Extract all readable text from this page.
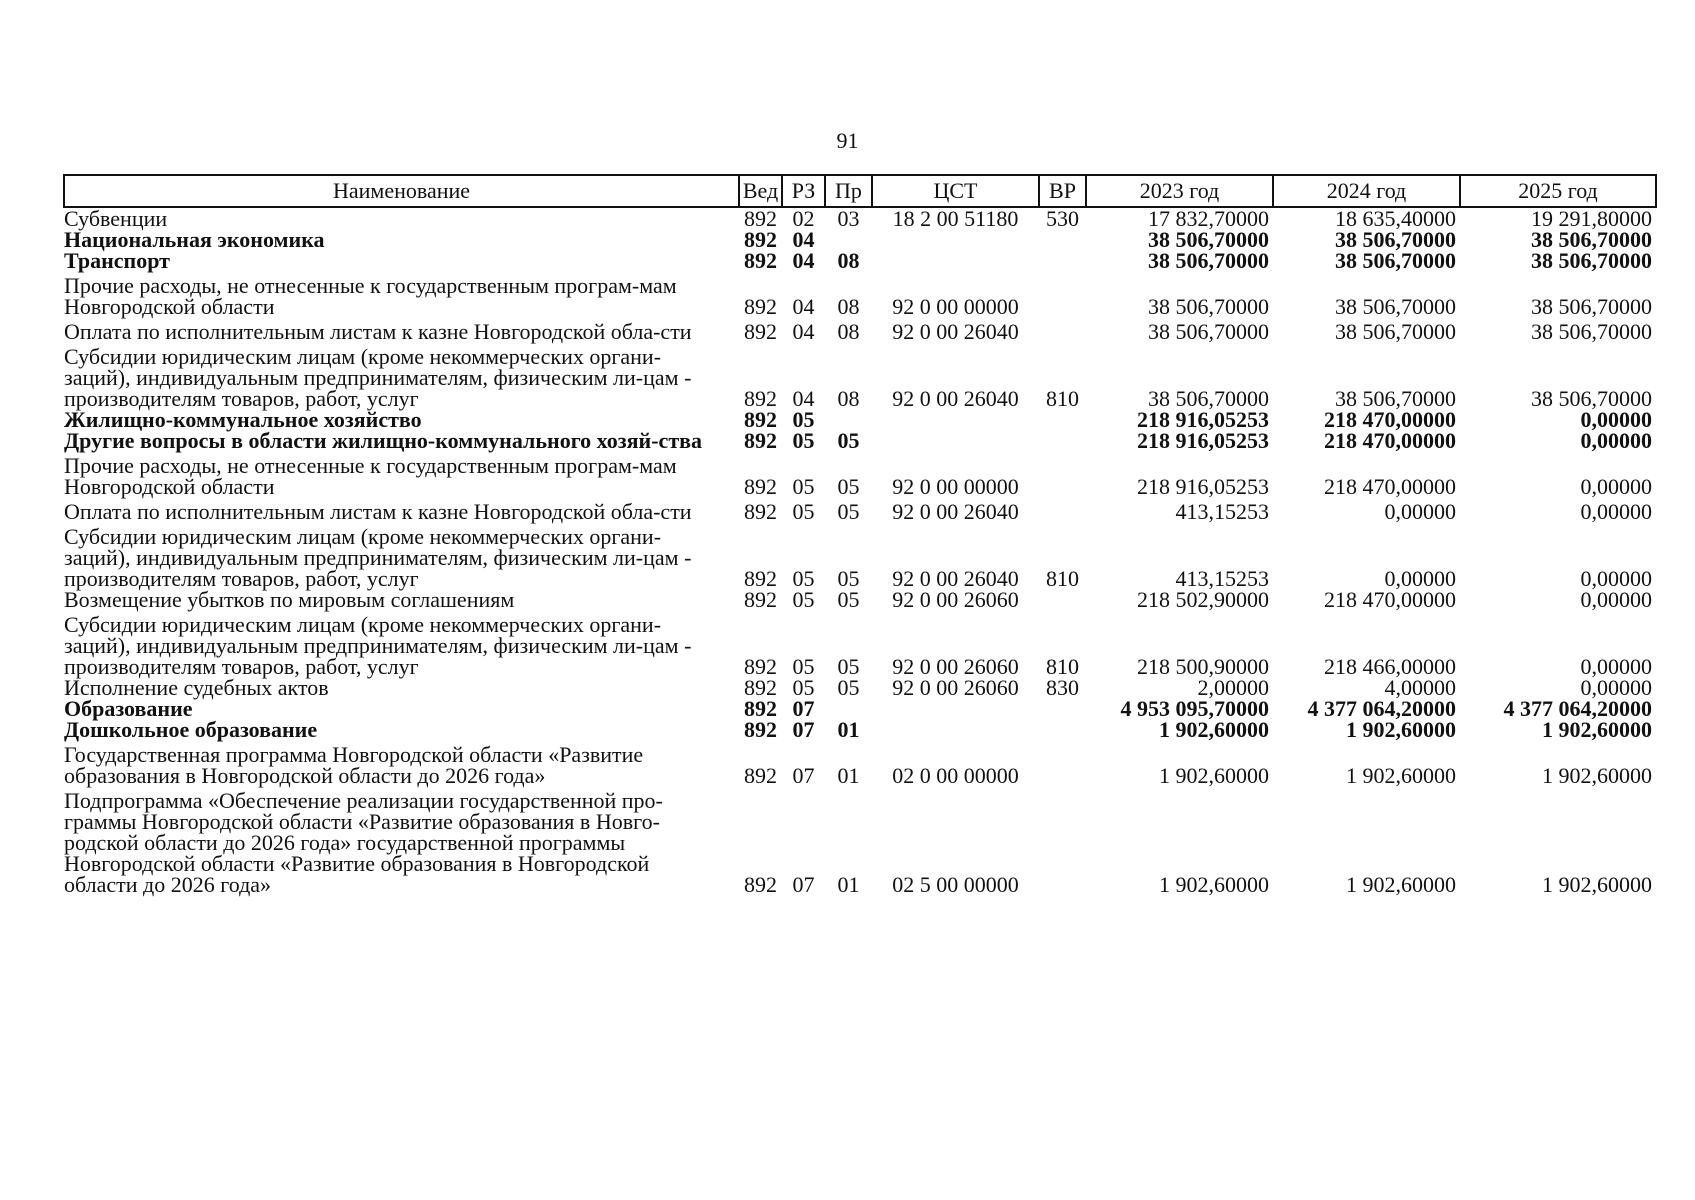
91
Наименование	Вед	РЗ	Пр	ЦСТ	ВР	2023 год	2024 год	2025 год
Субвенции	892	02	03	18 2 00 51180	530	17 832,70000	18 635,40000	19 291,80000
Национальная экономика	892	04				38 506,70000	38 506,70000	38 506,70000
Транспорт	892	04	08			38 506,70000	38 506,70000	38 506,70000
Прочие расходы, не отнесенные к государственным програм-мам Новгородской области	892	04	08	92 0 00 00000		38 506,70000	38 506,70000	38 506,70000
Оплата по исполнительным листам к казне Новгородской обла-сти	892	04	08	92 0 00 26040		38 506,70000	38 506,70000	38 506,70000
Субсидии юридическим лицам (кроме некоммерческих органи-заций), индивидуальным предпринимателям, физическим ли-цам - производителям товаров, работ, услуг	892	04	08	92 0 00 26040	810	38 506,70000	38 506,70000	38 506,70000
Жилищно-коммунальное хозяйство	892	05				218 916,05253	218 470,00000	0,00000
Другие вопросы в области жилищно-коммунального хозяй-ства	892	05	05			218 916,05253	218 470,00000	0,00000
Прочие расходы, не отнесенные к государственным програм-мам Новгородской области	892	05	05	92 0 00 00000		218 916,05253	218 470,00000	0,00000
Оплата по исполнительным листам к казне Новгородской обла-сти	892	05	05	92 0 00 26040		413,15253	0,00000	0,00000
Субсидии юридическим лицам (кроме некоммерческих органи-заций), индивидуальным предпринимателям, физическим ли-цам - производителям товаров, работ, услуг	892	05	05	92 0 00 26040	810	413,15253	0,00000	0,00000
Возмещение убытков по мировым соглашениям	892	05	05	92 0 00 26060		218 502,90000	218 470,00000	0,00000
Субсидии юридическим лицам (кроме некоммерческих органи-заций), индивидуальным предпринимателям, физическим ли-цам - производителям товаров, работ, услуг	892	05	05	92 0 00 26060	810	218 500,90000	218 466,00000	0,00000
Исполнение судебных актов	892	05	05	92 0 00 26060	830	2,00000	4,00000	0,00000
Образование	892	07				4 953 095,70000	4 377 064,20000	4 377 064,20000
Дошкольное образование	892	07	01			1 902,60000	1 902,60000	1 902,60000
Государственная программа Новгородской области «Развитие образования в Новгородской области до 2026 года»	892	07	01	02 0 00 00000		1 902,60000	1 902,60000	1 902,60000
Подпрограмма «Обеспечение реализации государственной про-граммы Новгородской области «Развитие образования в Новго-родской области до 2026 года» государственной программы Новгородской области «Развитие образования в Новгородской области до 2026 года»	892	07	01	02 5 00 00000		1 902,60000	1 902,60000	1 902,60000
